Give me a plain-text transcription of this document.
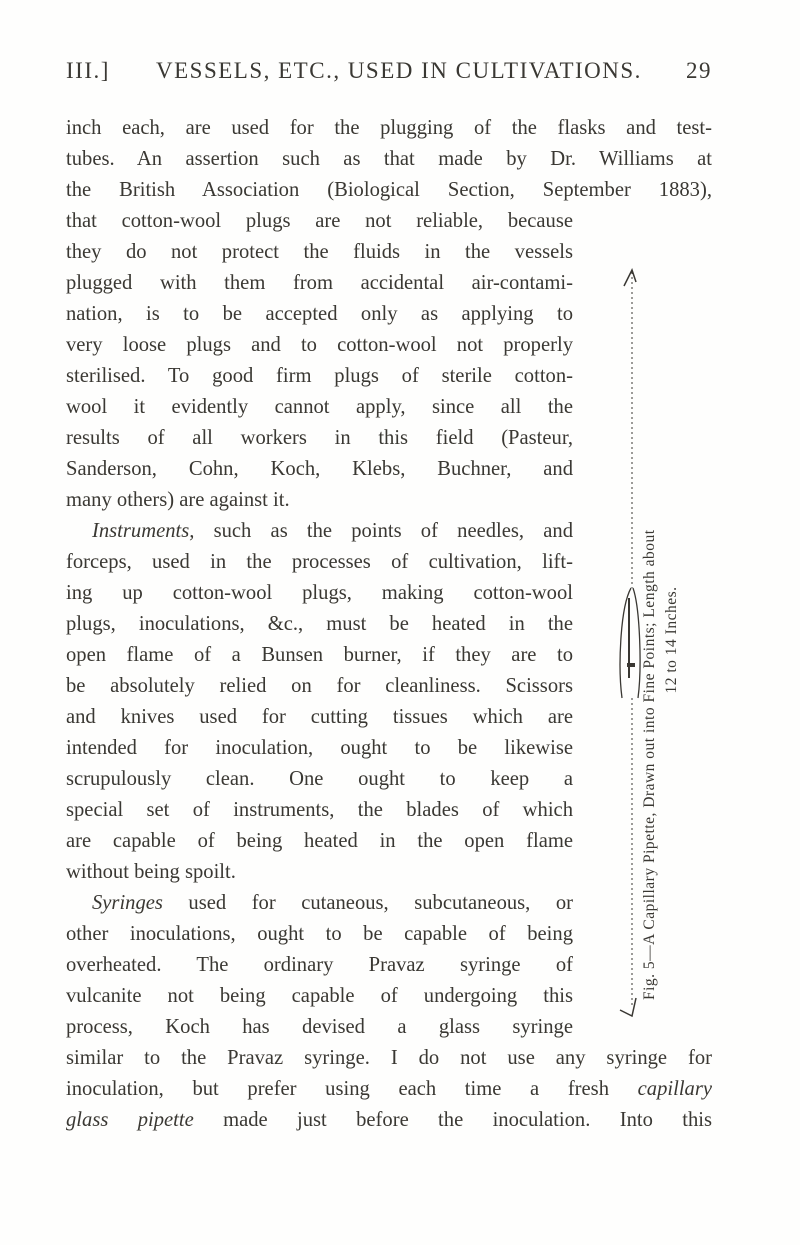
III.] VESSELS, ETC., USED IN CULTIVATIONS. 29
inch each, are used for the plugging of the flasks and test-
tubes. An assertion such as that made by Dr. Williams at
the British Association (Biological Section, September 1883),
that cotton-wool plugs are not reliable, because
they do not protect the fluids in the vessels
plugged with them from accidental air-contami-
nation, is to be accepted only as applying to
very loose plugs and to cotton-wool not properly
sterilised. To good firm plugs of sterile cotton-
wool it evidently cannot apply, since all the
results of all workers in this field (Pasteur,
Sanderson, Cohn, Koch, Klebs, Buchner, and
many others) are against it.
Instruments, such as the points of needles, and
forceps, used in the processes of cultivation, lift-
ing up cotton-wool plugs, making cotton-wool
plugs, inoculations, &c., must be heated in the
open flame of a Bunsen burner, if they are to
be absolutely relied on for cleanliness. Scissors
and knives used for cutting tissues which are
intended for inoculation, ought to be likewise
scrupulously clean. One ought to keep a
special set of instruments, the blades of which
are capable of being heated in the open flame
without being spoilt.
Syringes used for cutaneous, subcutaneous, or
other inoculations, ought to be capable of being
overheated. The ordinary Pravaz syringe of
vulcanite not being capable of undergoing this
process, Koch has devised a glass syringe
similar to the Pravaz syringe. I do not use any syringe for
inoculation, but prefer using each time a fresh capillary
glass pipette made just before the inoculation. Into this
Fig. 5—A Capillary Pipette, Drawn out into Fine Points; Length about 12 to 14 Inches.
